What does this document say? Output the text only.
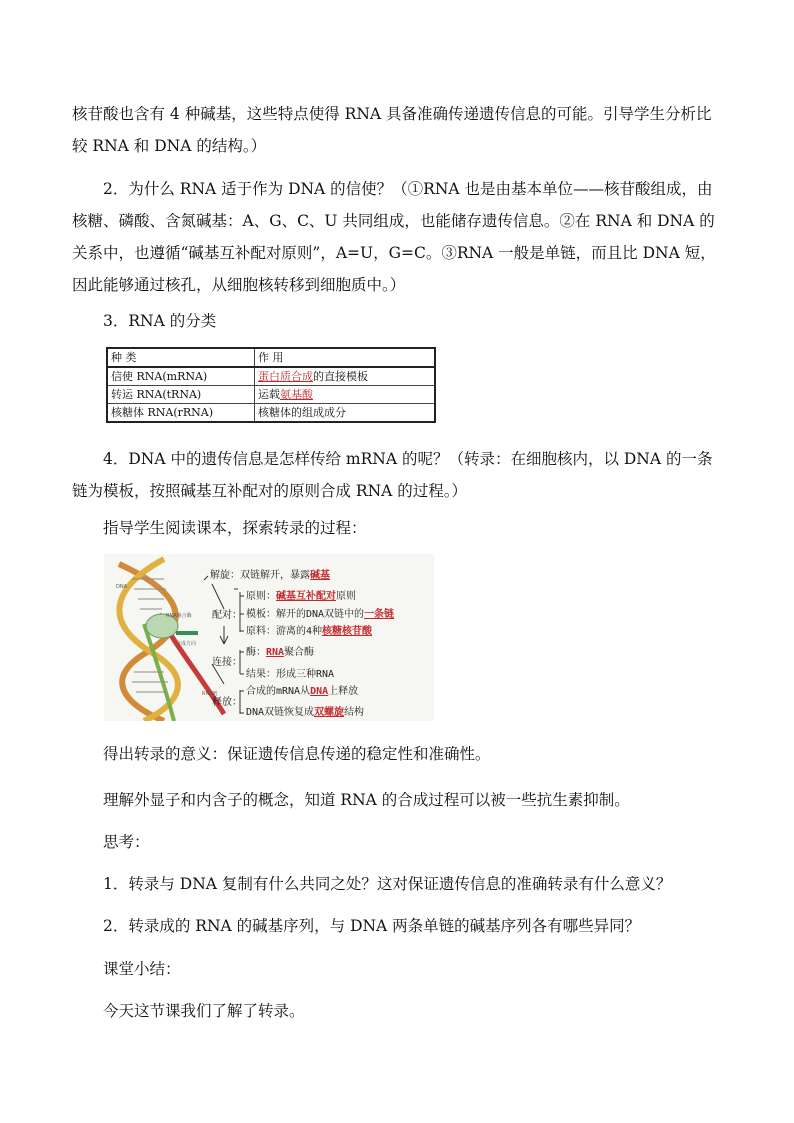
核苷酸也含有 4 种碱基，这些特点使得 RNA 具备准确传递遗传信息的可能。引导学生分析比较 RNA 和 DNA 的结构。）

2．为什么 RNA 适于作为 DNA 的信使？（①RNA 也是由基本单位——核苷酸组成，由核糖、磷酸、含氮碱基：A、G、C、U 共同组成，也能储存遗传信息。②在 RNA 和 DNA 的关系中，也遵循“碱基互补配对原则”，A=U，G=C。③RNA 一般是单链，而且比 DNA 短，因此能够通过核孔，从细胞核转移到细胞质中。）

3．RNA 的分类

种 类	作 用
信使 RNA(mRNA)	蛋白质合成的直接模板
转运 RNA(tRNA)	运载氨基酸
核糖体 RNA(rRNA)	核糖体的组成成分

4．DNA 中的遗传信息是怎样传给 mRNA 的呢？（转录：在细胞核内，以 DNA 的一条链为模板，按照碱基互补配对的原则合成 RNA 的过程。）

指导学生阅读课本，探索转录的过程：

DNA
RNA聚合酶
合成方向
RNA链
解旋：双链解开，暴露碱基
配对：
原则：碱基互补配对原则
模板：解开的DNA双链中的一条链
原料：游离的4种核糖核苷酸
连接：
酶：RNA聚合酶
结果：形成三种RNA
释放：
合成的mRNA从DNA上释放
DNA双链恢复成双螺旋结构

得出转录的意义：保证遗传信息传递的稳定性和准确性。

理解外显子和内含子的概念，知道 RNA 的合成过程可以被一些抗生素抑制。

思考：

1．转录与 DNA 复制有什么共同之处？这对保证遗传信息的准确转录有什么意义？

2．转录成的 RNA 的碱基序列，与 DNA 两条单链的碱基序列各有哪些异同？

课堂小结：

今天这节课我们了解了转录。
